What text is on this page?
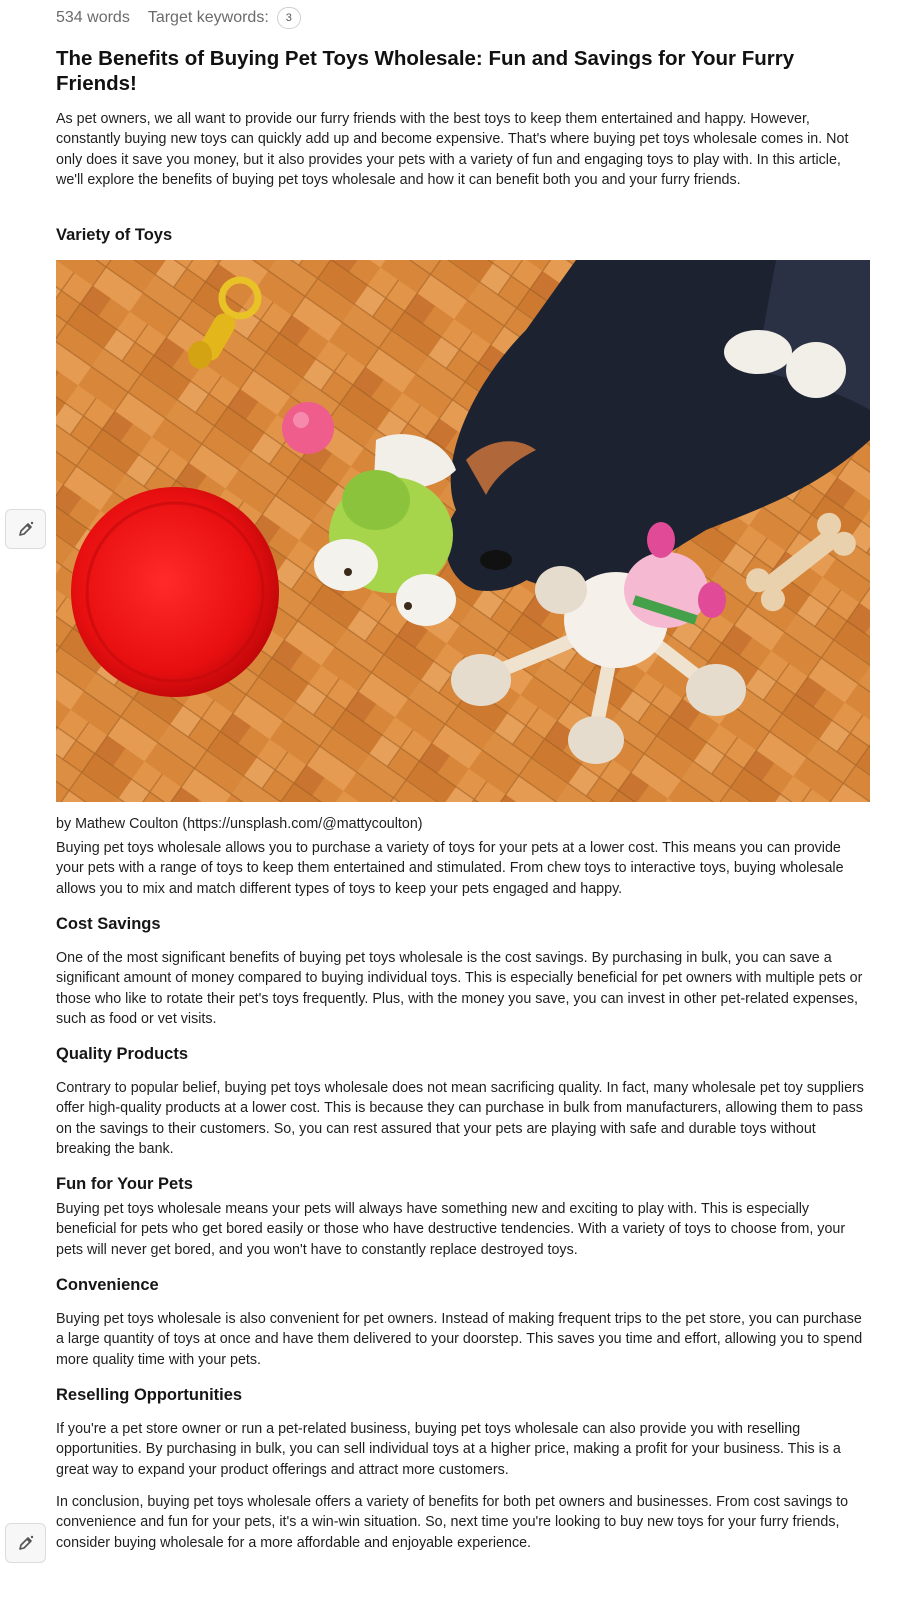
534 words Target keywords:	3
The Benefits of Buying Pet Toys Wholesale: Fun and Savings for Your Furry Friends!

As pet owners, we all want to provide our furry friends with the best toys to keep them entertained and happy. However, constantly buying new toys can quickly add up and become expensive. That's where buying pet toys wholesale comes in. Not only does it save you money, but it also provides your pets with a variety of fun and engaging toys to play with. In this article, we'll explore the benefits of buying pet toys wholesale and how it can benefit both you and your furry friends.

Variety of Toys

by Mathew Coulton (https://unsplash.com/@mattycoulton)

Buying pet toys wholesale allows you to purchase a variety of toys for your pets at a lower cost. This means you can provide your pets with a range of toys to keep them entertained and stimulated. From chew toys to interactive toys, buying wholesale allows you to mix and match different types of toys to keep your pets engaged and happy.

Cost Savings

One of the most significant benefits of buying pet toys wholesale is the cost savings. By purchasing in bulk, you can save a significant amount of money compared to buying individual toys. This is especially beneficial for pet owners with multiple pets or those who like to rotate their pet's toys frequently. Plus, with the money you save, you can invest in other pet-related expenses, such as food or vet visits.

Quality Products

Contrary to popular belief, buying pet toys wholesale does not mean sacrificing quality. In fact, many wholesale pet toy suppliers offer high-quality products at a lower cost. This is because they can purchase in bulk from manufacturers, allowing them to pass on the savings to their customers. So, you can rest assured that your pets are playing with safe and durable toys without breaking the bank.

Fun for Your Pets

Buying pet toys wholesale means your pets will always have something new and exciting to play with. This is especially beneficial for pets who get bored easily or those who have destructive tendencies. With a variety of toys to choose from, your pets will never get bored, and you won't have to constantly replace destroyed toys.

Convenience

Buying pet toys wholesale is also convenient for pet owners. Instead of making frequent trips to the pet store, you can purchase a large quantity of toys at once and have them delivered to your doorstep. This saves you time and effort, allowing you to spend more quality time with your pets.

Reselling Opportunities

If you're a pet store owner or run a pet-related business, buying pet toys wholesale can also provide you with reselling opportunities. By purchasing in bulk, you can sell individual toys at a higher price, making a profit for your business. This is a great way to expand your product offerings and attract more customers.

In conclusion, buying pet toys wholesale offers a variety of benefits for both pet owners and businesses. From cost savings to convenience and fun for your pets, it's a win-win situation. So, next time you're looking to buy new toys for your furry friends, consider buying wholesale for a more affordable and enjoyable experience.
